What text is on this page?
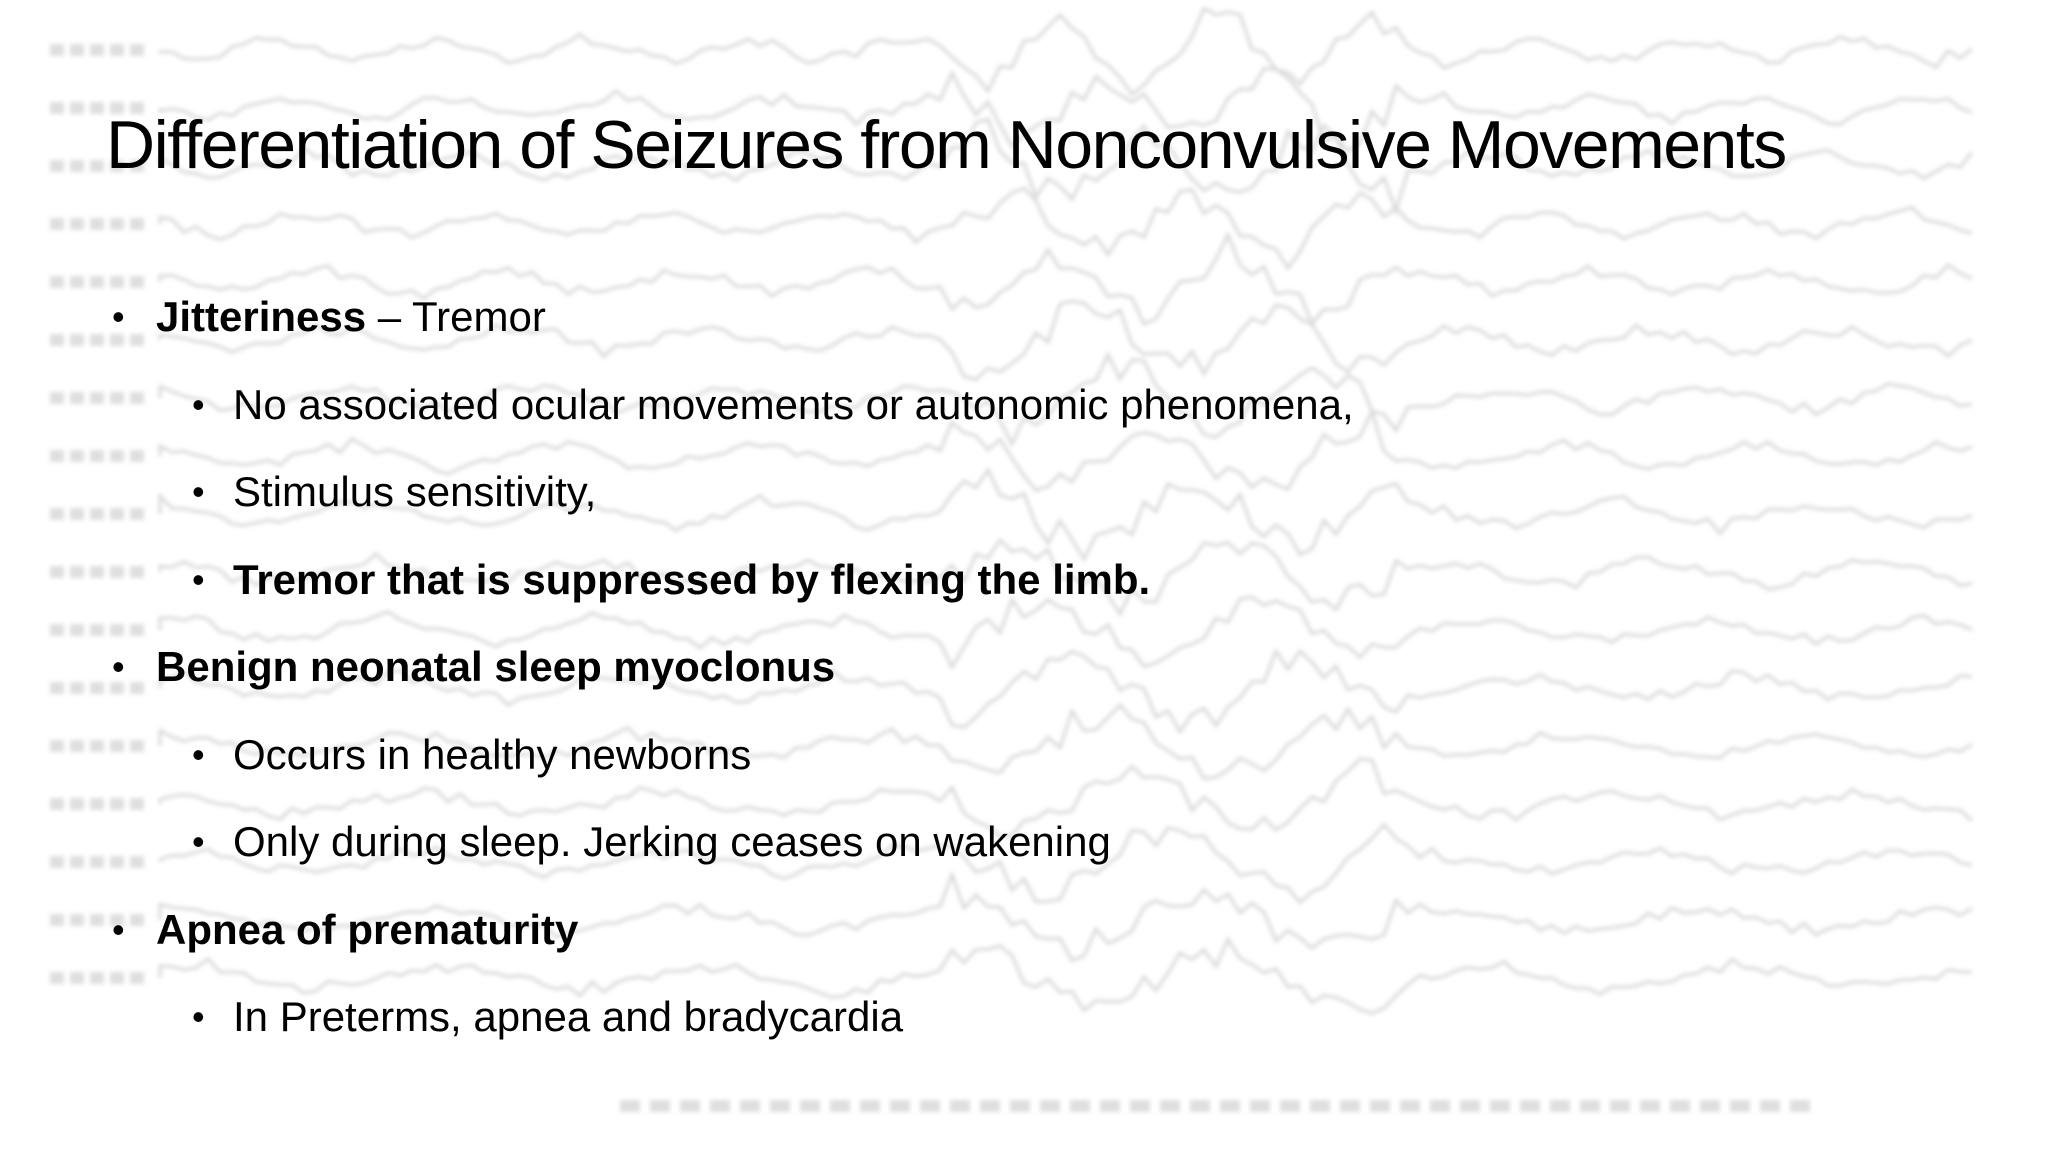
Differentiation of Seizures from Nonconvulsive Movements
• Jitteriness – Tremor
• No associated ocular movements or autonomic phenomena,
• Stimulus sensitivity,
• Tremor that is suppressed by flexing the limb.
• Benign neonatal sleep myoclonus
• Occurs in healthy newborns
• Only during sleep. Jerking ceases on wakening
• Apnea of prematurity
• In Preterms, apnea and bradycardia
